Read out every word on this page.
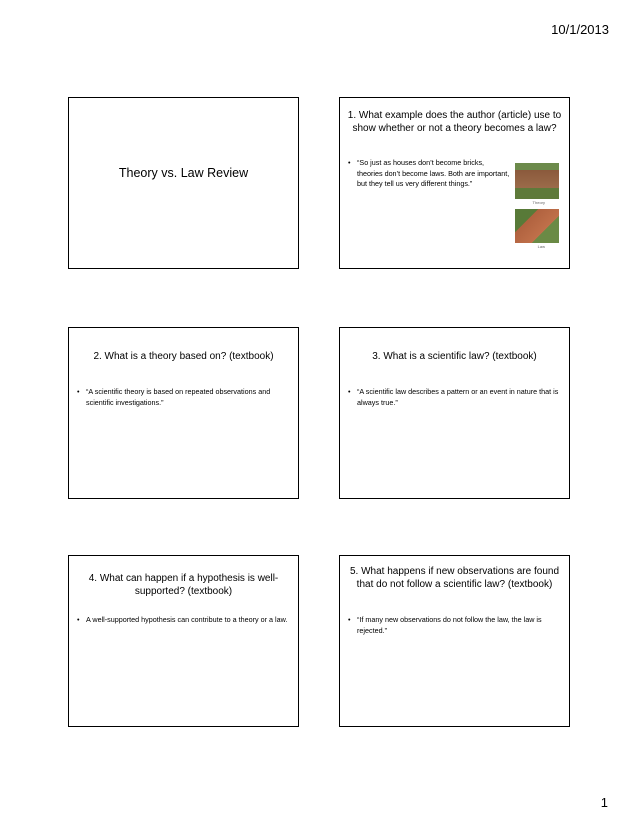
10/1/2013
Theory vs. Law Review
1. What example does the author (article) use to show whether or not a theory becomes a law?
• “So just as houses don’t become bricks, theories don’t become laws. Both are important, but they tell us very different things.”
Theory
Law
2. What is a theory based on? (textbook)
• “A scientific theory is based on repeated observations and scientific investigations.”
3. What is a scientific law? (textbook)
• “A scientific law describes a pattern or an event in nature that is always true.”
4. What can happen if a hypothesis is well-supported? (textbook)
• A well-supported hypothesis can contribute to a theory or a law.
5. What happens if new observations are found that do not follow a scientific law? (textbook)
• “If many new observations do not follow the law, the law is rejected.”
1
